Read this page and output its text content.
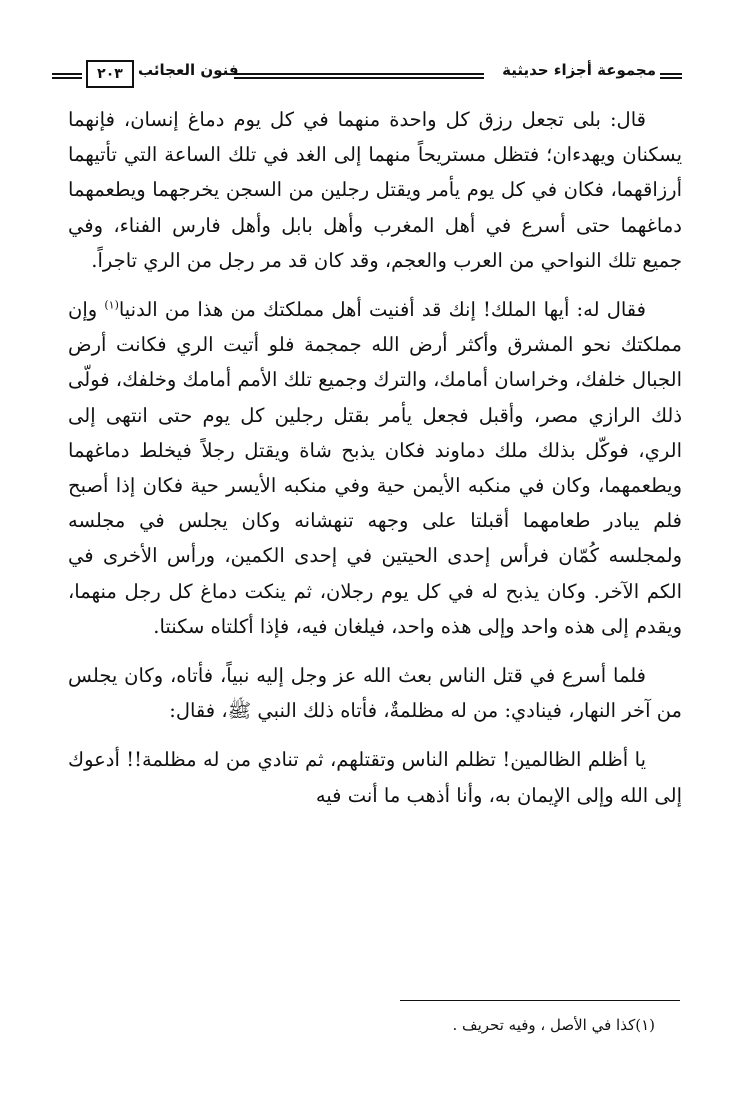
مجموعة أجزاء حديثية
فنون العجائب
٢٠٣

قال: بلى تجعل رزق كل واحدة منهما في كل يوم دماغ إنسان، فإنهما يسكنان ويهدءان؛ فتظل مستريحاً منهما إلى الغد في تلك الساعة التي تأتيهما أرزاقهما، فكان في كل يوم يأمر ويقتل رجلين من السجن يخرجهما ويطعمهما دماغهما حتى أسرع في أهل المغرب وأهل بابل وأهل فارس الفناء، وفي جميع تلك النواحي من العرب والعجم، وقد كان قد مر رجل من الري تاجراً.

فقال له: أيها الملك! إنك قد أفنيت أهل مملكتك من هذا من الدنيا$^{(١)}$ وإن مملكتك نحو المشرق وأكثر أرض الله جمجمة فلو أتيت الري فكانت أرض الجبال خلفك، وخراسان أمامك، والترك وجميع تلك الأمم أمامك وخلفك، فولّى ذلك الرازي مصر، وأقبل فجعل يأمر بقتل رجلين كل يوم حتى انتهى إلى الري، فوكّل بذلك ملك دماوند فكان يذبح شاة ويقتل رجلاً فيخلط دماغهما ويطعمهما، وكان في منكبه الأيمن حية وفي منكبه الأيسر حية فكان إذا أصبح فلم يبادر طعامهما أقبلتا على وجهه تنهشانه وكان يجلس في مجلسه ولمجلسه كُمّان فرأس إحدى الحيتين في إحدى الكمين، ورأس الأخرى في الكم الآخر. وكان يذبح له في كل يوم رجلان، ثم ينكت دماغ كل رجل منهما، ويقدم إلى هذه واحد وإلى هذه واحد، فيلغان فيه، فإذا أكلتاه سكنتا.

فلما أسرع في قتل الناس بعث الله عز وجل إليه نبياً، فأتاه، وكان يجلس من آخر النهار، فينادي: من له مظلمةٌ، فأتاه ذلك النبي ﷺ، فقال:

يا أظلم الظالمين! تظلم الناس وتقتلهم، ثم تنادي من له مظلمة!! أدعوك إلى الله وإلى الإيمان به، وأنا أذهب ما أنت فيه

(١)كذا في الأصل ، وفيه تحريف .
